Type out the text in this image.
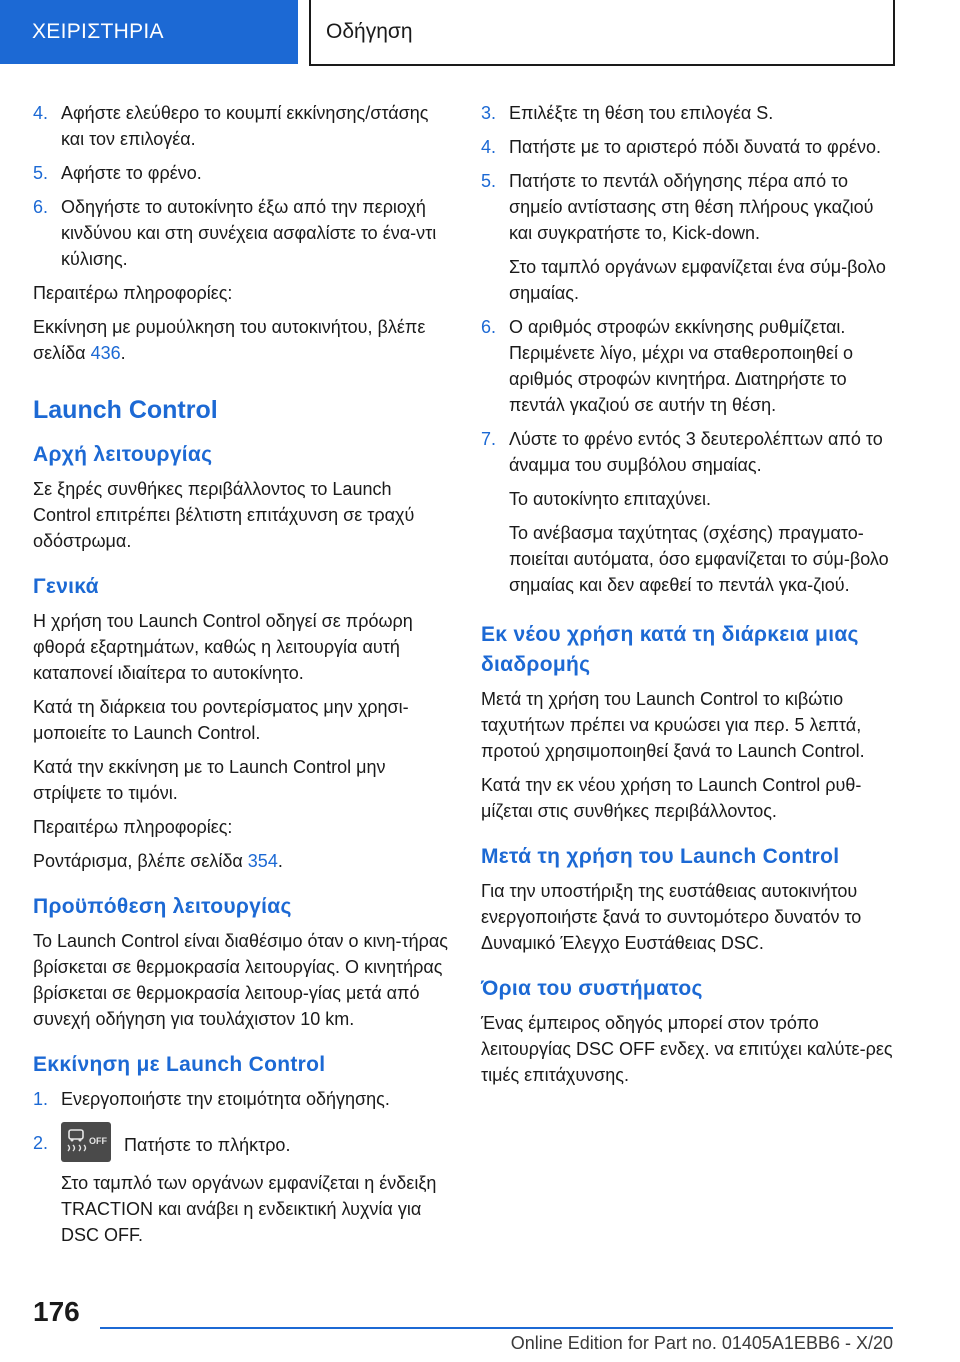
ΧΕΙΡΙΣΤΗΡΙΑ	Οδήγηση
4. Αφήστε ελεύθερο το κουμπί εκκίνησης/στάσης και τον επιλογέα.
5. Αφήστε το φρένο.
6. Οδηγήστε το αυτοκίνητο έξω από την περιοχή κινδύνου και στη συνέχεια ασφαλίστε το ένα-ντι κύλισης.

Περαιτέρω πληροφορίες:

Εκκίνηση με ρυμούλκηση του αυτοκινήτου, βλέπε σελίδα 436.

Launch Control
Αρχή λειτουργίας

Σε ξηρές συνθήκες περιβάλλοντος το Launch Control επιτρέπει βέλτιστη επιτάχυνση σε τραχύ οδόστρωμα.

Γενικά

Η χρήση του Launch Control οδηγεί σε πρόωρη φθορά εξαρτημάτων, καθώς η λειτουργία αυτή καταπονεί ιδιαίτερα το αυτοκίνητο.

Κατά τη διάρκεια του ροντερίσματος μην χρησι-μοποιείτε το Launch Control.

Κατά την εκκίνηση με το Launch Control μην στρίψετε το τιμόνι.

Περαιτέρω πληροφορίες:

Ροντάρισμα, βλέπε σελίδα 354.

Προϋπόθεση λειτουργίας

Το Launch Control είναι διαθέσιμο όταν ο κινη-τήρας βρίσκεται σε θερμοκρασία λειτουργίας. Ο κινητήρας βρίσκεται σε θερμοκρασία λειτουρ-γίας μετά από συνεχή οδήγηση για τουλάχιστον 10 km.

Εκκίνηση με Launch Control
1. Ενεργοποιήστε την ετοιμότητα οδήγησης.
2.	OFF Πατήστε το πλήκτρο.
Στο ταμπλό των οργάνων εμφανίζεται η ένδειξη TRACTION και ανάβει η ενδεικτική λυχνία για DSC OFF.
3. Επιλέξτε τη θέση του επιλογέα S.
4. Πατήστε με το αριστερό πόδι δυνατά το φρένο.
5. Πατήστε το πεντάλ οδήγησης πέρα από το σημείο αντίστασης στη θέση πλήρους γκαζιού και συγκρατήστε το, Kick-down.
Στο ταμπλό οργάνων εμφανίζεται ένα σύμ-βολο σημαίας.
6. Ο αριθμός στροφών εκκίνησης ρυθμίζεται. Περιμένετε λίγο, μέχρι να σταθεροποιηθεί ο αριθμός στροφών κινητήρα. Διατηρήστε το πεντάλ γκαζιού σε αυτήν τη θέση.
7. Λύστε το φρένο εντός 3 δευτερολέπτων από το άναμμα του συμβόλου σημαίας.
Το αυτοκίνητο επιταχύνει.
Το ανέβασμα ταχύτητας (σχέσης) πραγματο-ποιείται αυτόματα, όσο εμφανίζεται το σύμ-βολο σημαίας και δεν αφεθεί το πεντάλ γκα-ζιού.
Εκ νέου χρήση κατά τη διάρκεια μιας διαδρομής

Μετά τη χρήση του Launch Control το κιβώτιο ταχυτήτων πρέπει να κρυώσει για περ. 5 λεπτά, προτού χρησιμοποιηθεί ξανά το Launch Control.

Κατά την εκ νέου χρήση το Launch Control ρυθ-μίζεται στις συνθήκες περιβάλλοντος.

Μετά τη χρήση του Launch Control

Για την υποστήριξη της ευστάθειας αυτοκινήτου ενεργοποιήστε ξανά το συντομότερο δυνατόν το Δυναμικό Έλεγχο Ευστάθειας DSC.

Όρια του συστήματος

Ένας έμπειρος οδηγός μπορεί στον τρόπο λειτουργίας DSC OFF ενδεχ. να επιτύχει καλύτε-ρες τιμές επιτάχυνσης.

176
Online Edition for Part no. 01405A1EBB6 - X/20
